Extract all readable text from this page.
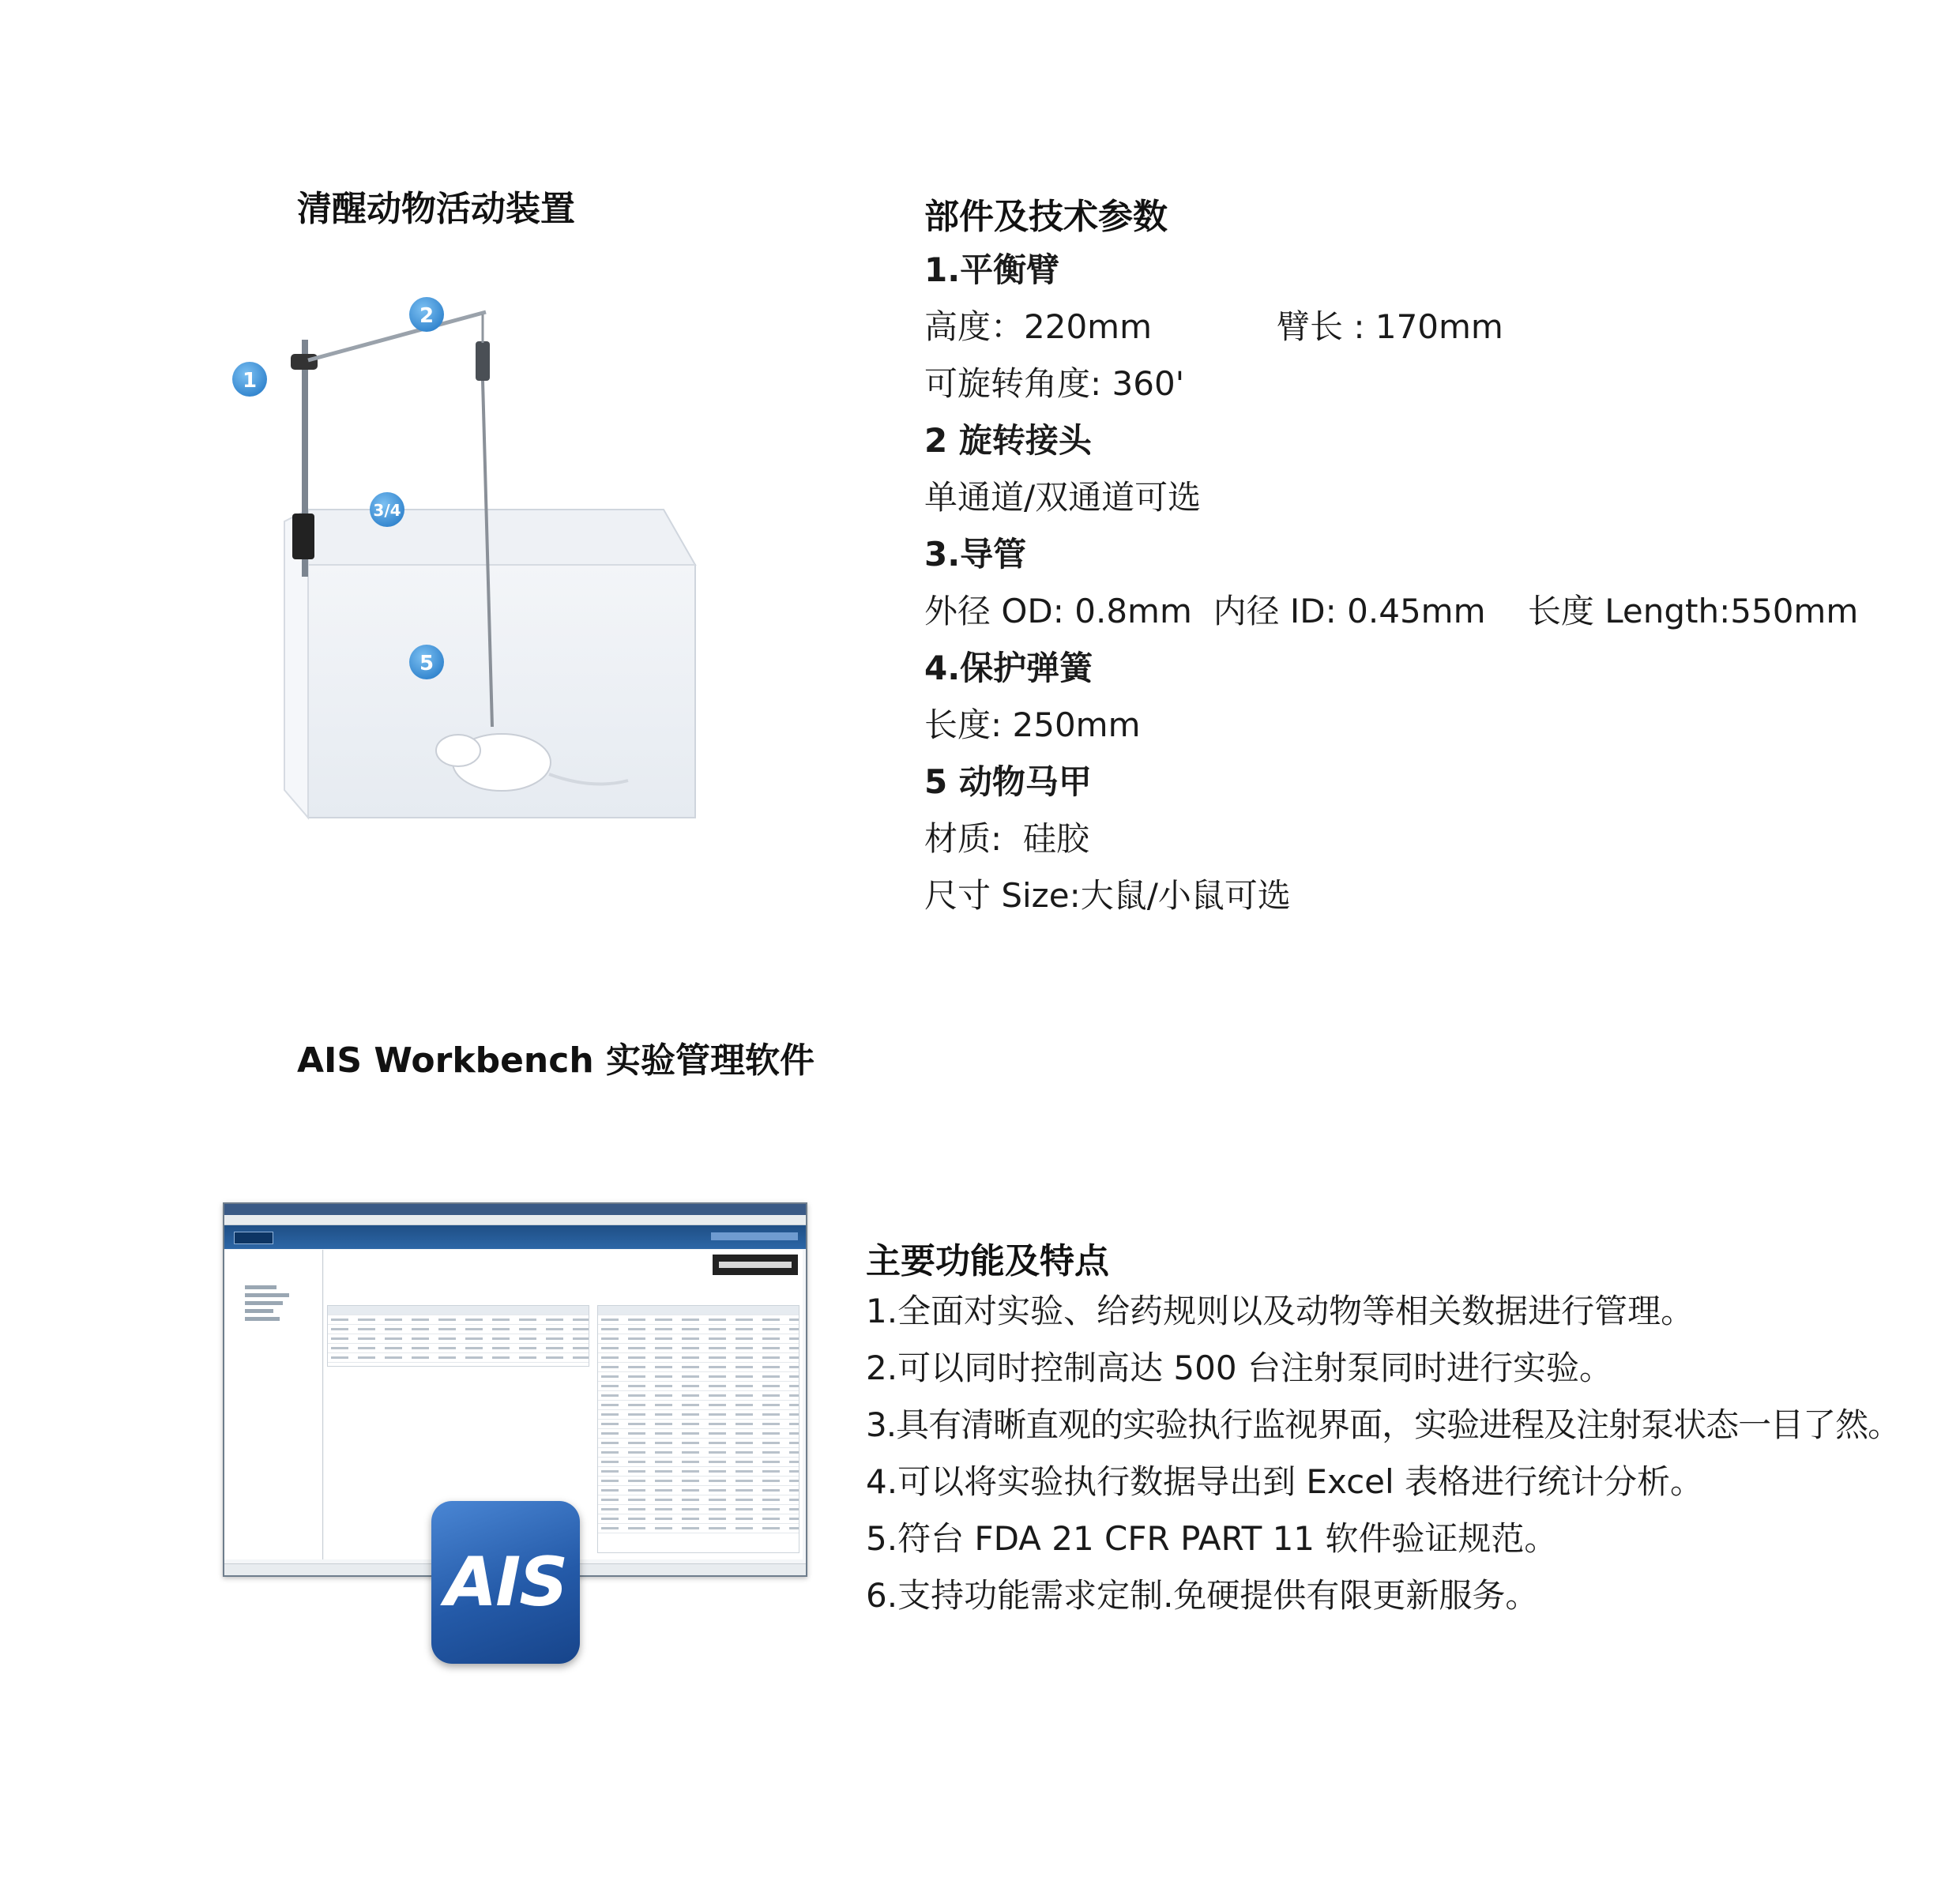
清醒动物活动装置
1
2
3/4
5
部件及技术参数
1.平衡臂
高度：220mm	臂长 : 170mm
可旋转角度: 360'
2 旋转接头
单通道/双通道可选
3.导管
外径 OD: 0.8mm  内径 ID: 0.45mm    长度 Length:550mm
4.保护弹簧
长度: 250mm
5 动物马甲
材质:  硅胶
尺寸 Size:大鼠/小鼠可选
AIS Workbench 实验管理软件
AIS
主要功能及特点
1.全面对实验、给药规则以及动物等相关数据进行管理。
2.可以同时控制高达 500 台注射泵同时进行实验。
3.具有清晰直观的实验执行监视界面，实验进程及注射泵状态一目了然。
4.可以将实验执行数据导出到 Excel 表格进行统计分析。
5.符台 FDA 21 CFR PART 11 软件验证规范。
6.支持功能需求定制.免硬提供有限更新服务。
